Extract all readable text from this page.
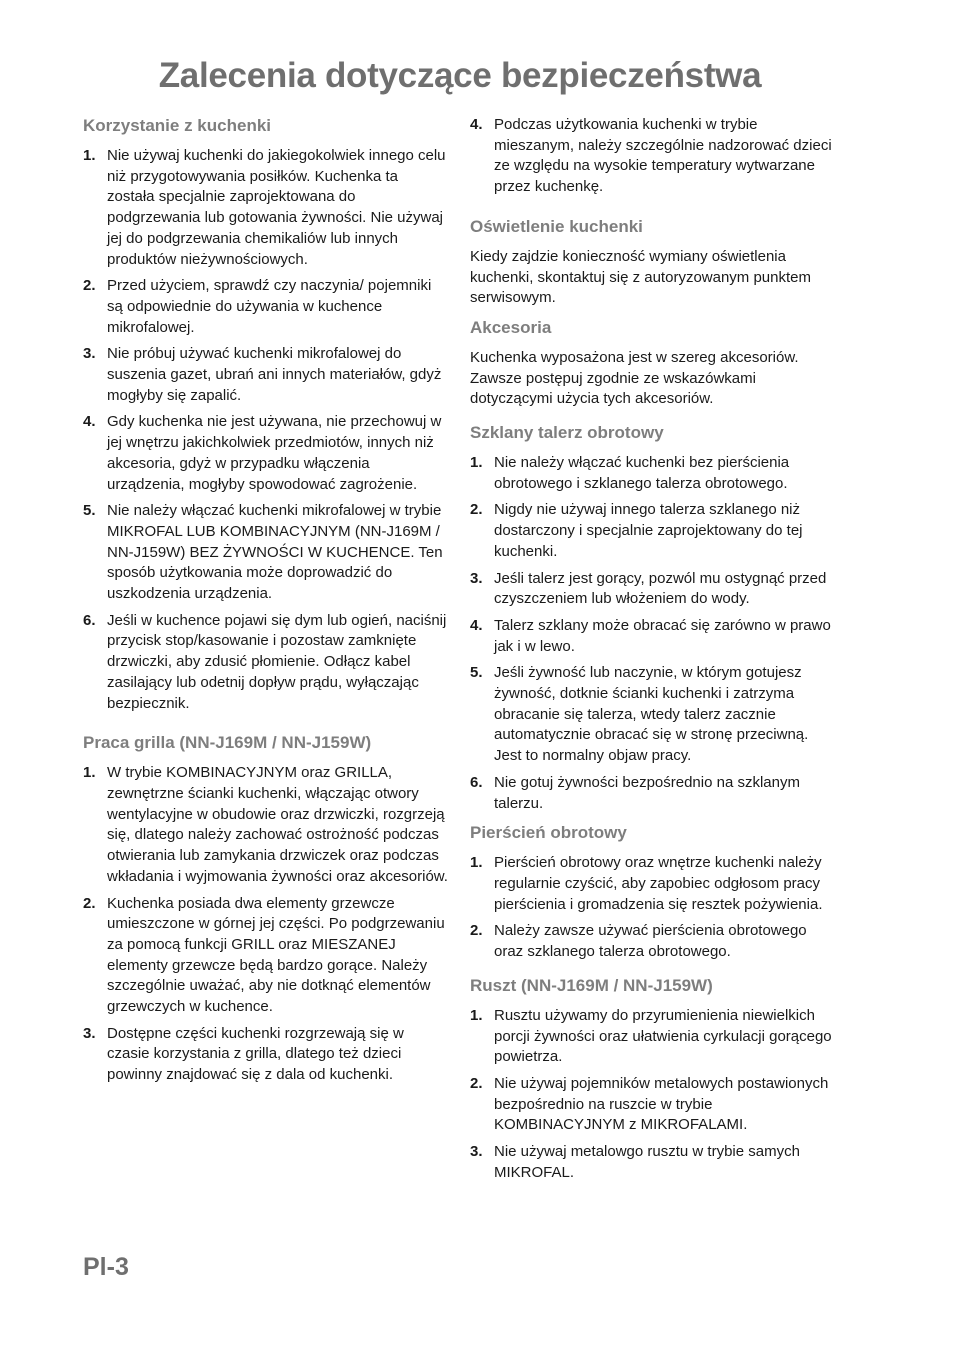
Zalecenia dotyczące bezpieczeństwa
Korzystanie z kuchenki
1. Nie używaj kuchenki do jakiegokolwiek innego celu niż przygotowywania posiłków. Kuchenka ta została specjalnie zaprojektowana do podgrzewania lub gotowania żywności. Nie używaj jej do podgrzewania chemikaliów lub innych produktów nieżywnościowych.
2. Przed użyciem, sprawdź czy naczynia/ pojemniki są odpowiednie do używania w kuchence mikrofalowej.
3. Nie próbuj używać kuchenki mikrofalowej do suszenia gazet, ubrań ani innych materiałów, gdyż mogłyby się zapalić.
4. Gdy kuchenka nie jest używana, nie przechowuj w jej wnętrzu jakichkolwiek przedmiotów, innych niż akcesoria, gdyż w przypadku włączenia urządzenia, mogłyby spowodować zagrożenie.
5. Nie należy włączać kuchenki mikrofalowej w trybie MIKROFAL LUB KOMBINACYJNYM (NN-J169M / NN-J159W) BEZ ŻYWNOŚCI W KUCHENCE. Ten sposób użytkowania może doprowadzić do uszkodzenia urządzenia.
6. Jeśli w kuchence pojawi się dym lub ogień, naciśnij przycisk stop/kasowanie i pozostaw zamknięte drzwiczki, aby zdusić płomienie. Odłącz kabel zasilający lub odetnij dopływ prądu, wyłączając bezpiecznik.
Praca grilla (NN-J169M / NN-J159W)
1. W trybie KOMBINACYJNYM oraz GRILLA, zewnętrzne ścianki kuchenki, włączając otwory wentylacyjne w obudowie oraz drzwiczki, rozgrzeją się, dlatego należy zachować ostrożność podczas otwierania lub zamykania drzwiczek oraz podczas wkładania i wyjmowania żywności oraz akcesoriów.
2. Kuchenka posiada dwa elementy grzewcze umieszczone w górnej jej części. Po podgrzewaniu za pomocą funkcji GRILL oraz MIESZANEJ elementy grzewcze będą bardzo gorące. Należy szczególnie uważać, aby nie dotknąć elementów grzewczych w kuchence.
3. Dostępne części kuchenki rozgrzewają się w czasie korzystania z grilla, dlatego też dzieci powinny znajdować się z dala od kuchenki.
4. Podczas użytkowania kuchenki w trybie mieszanym, należy szczególnie nadzorować dzieci ze względu na wysokie temperatury wytwarzane przez kuchenkę.
Oświetlenie kuchenki

Kiedy zajdzie konieczność wymiany oświetlenia kuchenki, skontaktuj się z autoryzowanym punktem serwisowym.

Akcesoria

Kuchenka wyposażona jest w szereg akcesoriów. Zawsze postępuj zgodnie ze wskazówkami dotyczącymi użycia tych akcesoriów.

Szklany talerz obrotowy
1. Nie należy włączać kuchenki bez pierścienia obrotowego i szklanego talerza obrotowego.
2. Nigdy nie używaj innego talerza szklanego niż dostarczony i specjalnie zaprojektowany do tej kuchenki.
3. Jeśli talerz jest gorący, pozwól mu ostygnąć przed czyszczeniem lub włożeniem do wody.
4. Talerz szklany może obracać się zarówno w prawo jak i w lewo.
5. Jeśli żywność lub naczynie, w którym gotujesz żywność, dotknie ścianki kuchenki i zatrzyma obracanie się talerza, wtedy talerz zacznie automatycznie obracać się w stronę przeciwną. Jest to normalny objaw pracy.
6. Nie gotuj żywności bezpośrednio na szklanym talerzu.
Pierścień obrotowy
1. Pierścień obrotowy oraz wnętrze kuchenki należy regularnie czyścić, aby zapobiec odgłosom pracy pierścienia i gromadzenia się resztek pożywienia.
2. Należy zawsze używać pierścienia obrotowego oraz szklanego talerza obrotowego.
Ruszt (NN-J169M / NN-J159W)
1. Rusztu używamy do przyrumienienia niewielkich porcji żywności oraz ułatwienia cyrkulacji gorącego powietrza.
2. Nie używaj pojemników metalowych postawionych bezpośrednio na ruszcie w trybie KOMBINACYJNYM z MIKROFALAMI.
3. Nie używaj metalowgo rusztu w trybie samych MIKROFAL.

Pl-3
